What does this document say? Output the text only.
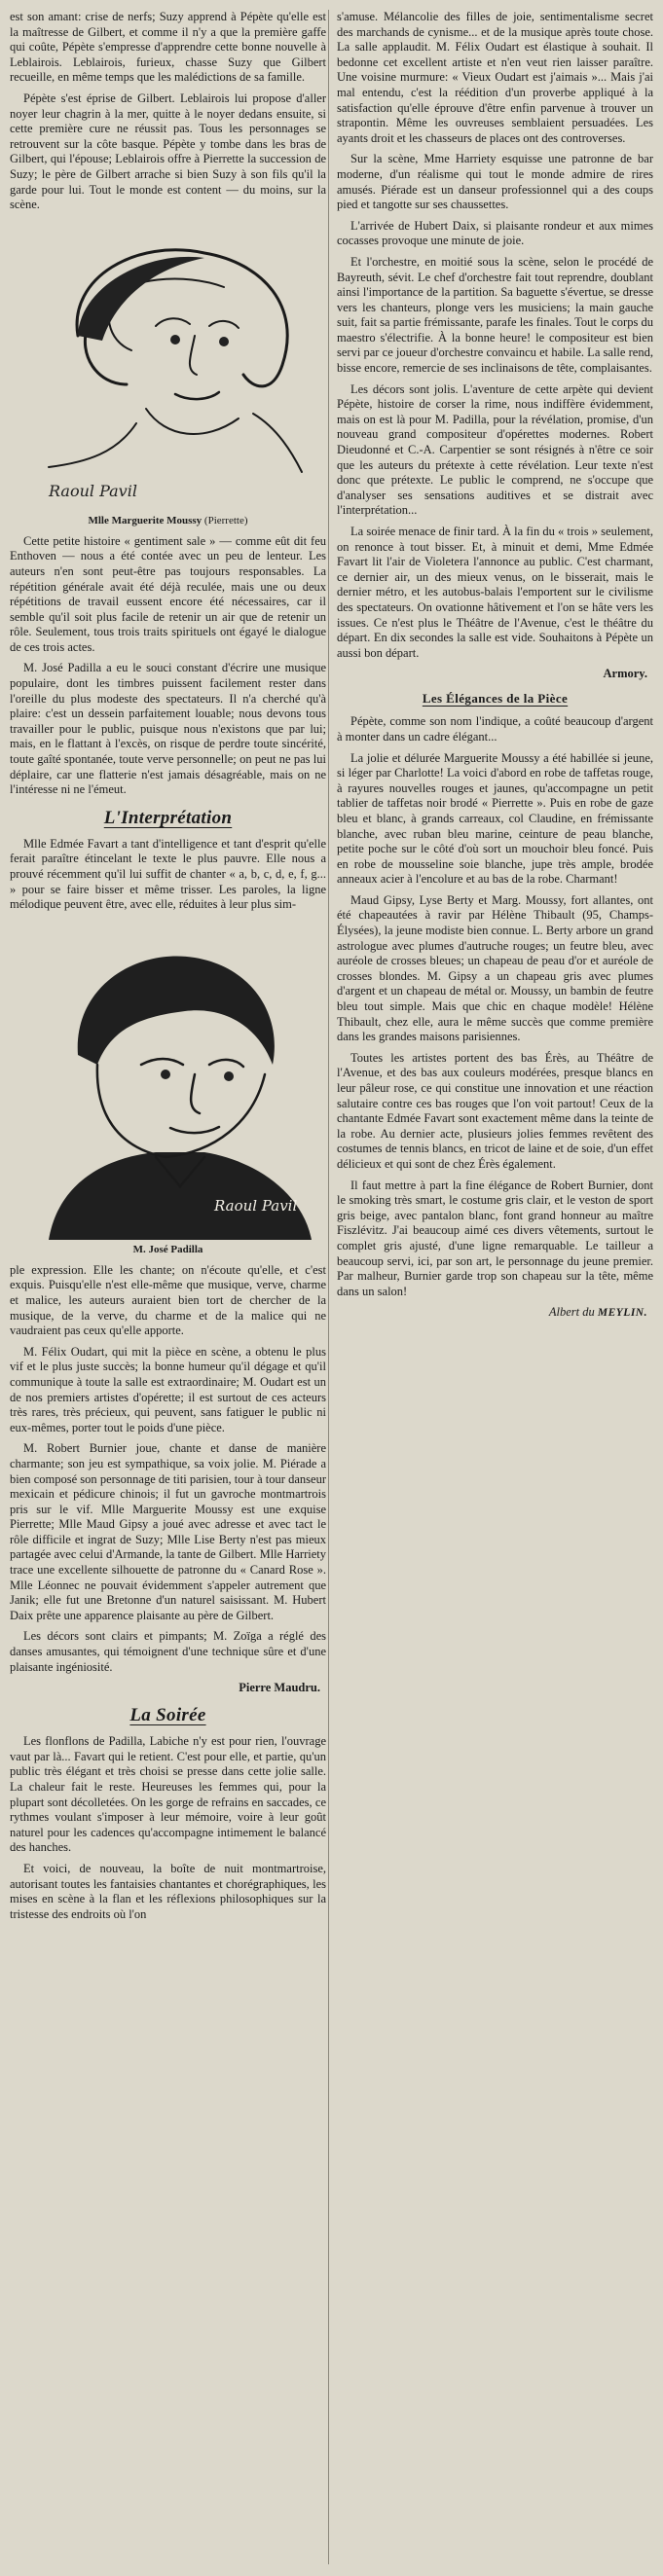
est son amant: crise de nerfs; Suzy apprend à Pépète qu'elle est la maîtresse de Gilbert, et comme il n'y a que la première gaffe qui coûte, Pépète s'empresse d'apprendre cette bonne nouvelle à Leblairois. Leblairois, furieux, chasse Suzy que Gilbert recueille, en même temps que les malédictions de sa famille.

Pépète s'est éprise de Gilbert. Leblairois lui propose d'aller noyer leur chagrin à la mer, quitte à le noyer dedans ensuite, si cette première cure ne réussit pas. Tous les personnages se retrouvent sur la côte basque. Pépète y tombe dans les bras de Gilbert, qui l'épouse; Leblairois offre à Pierrette la succession de Suzy; le père de Gilbert arrache si bien Suzy à son fils qu'il la garde pour lui. Tout le monde est content — du moins, sur la scène.

Raoul Pavil
Mlle Marguerite Moussy (Pierrette)

Cette petite histoire « gentiment sale » — comme eût dit feu Enthoven — nous a été contée avec un peu de lenteur. Les auteurs n'en sont peut-être pas toujours responsables. La répétition générale avait été déjà reculée, mais une ou deux répétitions de travail eussent encore été nécessaires, car il semble qu'il soit plus facile de retenir un air que de retenir un rôle. Seulement, tous trois traits spirituels ont égayé le dialogue de ces trois actes.

M. José Padilla a eu le souci constant d'écrire une musique populaire, dont les timbres puissent facilement rester dans l'oreille du plus modeste des spectateurs. Il n'a cherché qu'à plaire: c'est un dessein parfaitement louable; nous devons tous travailler pour le public, puisque nous n'existons que par lui; mais, en le flattant à l'excès, on risque de perdre toute sincérité, toute gaîté spontanée, toute verve personnelle; on peut ne pas lui déplaire, car une flatterie n'est jamais désagréable, mais on ne l'intéresse ni ne l'émeut.

L'Interprétation

Mlle Edmée Favart a tant d'intelligence et tant d'esprit qu'elle ferait paraître étincelant le texte le plus pauvre. Elle nous a prouvé récemment qu'il lui suffit de chanter « a, b, c, d, e, f, g... » pour se faire bisser et même trisser. Les paroles, la ligne mélodique peuvent être, avec elle, réduites à leur plus sim-

Raoul Pavil
M. José Padilla

ple expression. Elle les chante; on n'écoute qu'elle, et c'est exquis. Puisqu'elle n'est elle-même que musique, verve, charme et malice, les auteurs auraient bien tort de chercher de la musique, de la verve, du charme et de la malice qui ne vaudraient pas ceux qu'elle apporte.

M. Félix Oudart, qui mit la pièce en scène, a obtenu le plus vif et le plus juste succès; la bonne humeur qu'il dégage et qu'il communique à toute la salle est extraordinaire; M. Oudart est un de nos premiers artistes d'opérette; il est surtout de ces acteurs très rares, très précieux, qui peuvent, sans fatiguer le public ni eux-mêmes, porter tout le poids d'une pièce.

M. Robert Burnier joue, chante et danse de manière charmante; son jeu est sympathique, sa voix jolie. M. Piérade a bien composé son personnage de titi parisien, tour à tour danseur mexicain et pédicure chinois; il fut un gavroche montmartrois pris sur le vif. Mlle Marguerite Moussy est une exquise Pierrette; Mlle Maud Gipsy a joué avec adresse et avec tact le rôle difficile et ingrat de Suzy; Mlle Lise Berty n'est pas mieux partagée avec celui d'Armande, la tante de Gilbert. Mlle Harriety trace une excellente silhouette de patronne du « Canard Rose ». Mlle Léonnec ne pouvait évidemment s'appeler autrement que Janik; elle fut une Bretonne d'un naturel saisissant. M. Hubert Daix prête une apparence plaisante au père de Gilbert.

Les décors sont clairs et pimpants; M. Zoïga a réglé des danses amusantes, qui témoignent d'une technique sûre et d'une plaisante ingéniosité.

Pierre Maudru.
La Soirée

Les flonflons de Padilla, Labiche n'y est pour rien, l'ouvrage vaut par là... Favart qui le retient. C'est pour elle, et partie, qu'un public très élégant et très choisi se presse dans cette jolie salle. La chaleur fait le reste. Heureuses les femmes qui, pour la plupart sont décolletées. On les gorge de refrains en saccades, ce rythmes voulant s'imposer à leur mémoire, voire à leur goût naturel pour les cadences qu'accompagne intimement le balancé des hanches.

Et voici, de nouveau, la boîte de nuit montmartroise, autorisant toutes les fantaisies chantantes et chorégraphiques, les mises en scène à la flan et les réflexions philosophiques sur la tristesse des endroits où l'on

s'amuse. Mélancolie des filles de joie, sentimentalisme secret des marchands de cynisme... et de la musique après toute chose. La salle applaudit. M. Félix Oudart est élastique à souhait. Il bedonne cet excellent artiste et n'en veut rien laisser paraître. Une voisine murmure: « Vieux Oudart est j'aimais »... Mais j'ai mal entendu, c'est la réédition d'un proverbe appliqué à la satisfaction qu'elle éprouve d'être enfin parvenue à trouver un strapontin. Même les ouvreuses semblaient persuadées. Les ayants droit et les chasseurs de places ont des controverses.

Sur la scène, Mme Harriety esquisse une patronne de bar moderne, d'un réalisme qui tout le monde admire de rires amusés. Piérade est un danseur professionnel qui a des coups pied et tangotte sur ses chaussettes.

L'arrivée de Hubert Daix, si plaisante rondeur et aux mimes cocasses provoque une minute de joie.

Et l'orchestre, en moitié sous la scène, selon le procédé de Bayreuth, sévit. Le chef d'orchestre fait tout reprendre, doublant ainsi l'importance de la partition. Sa baguette s'évertue, se dresse vers les chanteurs, plonge vers les musiciens; la main gauche suit, fait sa partie frémissante, parafe les finales. Tout le corps du maestro s'électrifie. À la bonne heure! le compositeur est bien servi par ce joueur d'orchestre convaincu et habile. La salle rend, bisse encore, remercie de ses inclinaisons de tête, complaisantes.

Les décors sont jolis. L'aventure de cette arpète qui devient Pépète, histoire de corser la rime, nous indiffère évidemment, mais on est là pour M. Padilla, pour la révélation, promise, d'un nouveau grand compositeur d'opérettes modernes. Robert Dieudonné et C.-A. Carpentier se sont résignés à n'être ce soir que les auteurs du prétexte à cette révélation. Leur texte n'est donc que prétexte. Le public le comprend, ne s'occupe que d'analyser ses sensations auditives et se distrait avec l'interprétation...

La soirée menace de finir tard. À la fin du « trois » seulement, on renonce à tout bisser. Et, à minuit et demi, Mme Edmée Favart lit l'air de Violetera l'annonce au public. C'est charmant, ce dernier air, un des mieux venus, on le bisserait, mais le dernier métro, et les autobus-balais l'emportent sur le civilisme des spectateurs. On ovationne hâtivement et l'on se hâte vers les issues. Ce n'est plus le Théâtre de l'Avenue, c'est le théâtre du départ. En dix secondes la salle est vide. Souhaitons à Pépète un aussi bon départ.

Armory.
Les Élégances de la Pièce

Pépète, comme son nom l'indique, a coûté beaucoup d'argent à monter dans un cadre élégant...

La jolie et délurée Marguerite Moussy a été habillée si jeune, si léger par Charlotte! La voici d'abord en robe de taffetas rouge, à rayures nouvelles rouges et jaunes, qu'accompagne un petit tablier de taffetas noir brodé « Pierrette ». Puis en robe de gaze bleu et blanc, à grands carreaux, col Claudine, en frémissante blanche, avec ruban bleu marine, ceinture de peau blanche, petite poche sur le côté d'où sort un mouchoir bleu foncé. Puis en robe de mousseline soie blanche, jupe très ample, brodée anneaux acier à l'encolure et au bas de la robe. Charmant!

Maud Gipsy, Lyse Berty et Marg. Moussy, fort allantes, ont été chapeautées à ravir par Hélène Thibault (95, Champs-Élysées), la jeune modiste bien connue. L. Berty arbore un grand astrologue avec plumes d'autruche rouges; un feutre bleu, avec auréole de crosses bleues; un chapeau de peau d'or et auréole de crosses blondes. M. Gipsy a un chapeau gris avec plumes d'argent et un chapeau de métal or. Moussy, un bambin de feutre bleu tout simple. Mais que chic en chaque modèle! Hélène Thibault, chez elle, aura le même succès que comme première dans les grandes maisons parisiennes.

Toutes les artistes portent des bas Érès, au Théâtre de l'Avenue, et des bas aux couleurs modérées, presque blancs en leur pâleur rose, ce qui constitue une innovation et une réaction salutaire contre ces bas rouges que l'on voit partout! Ceux de la chantante Edmée Favart sont exactement même dans la teinte de la robe. Au dernier acte, plusieurs jolies femmes revêtent des costumes de tennis blancs, en tricot de laine et de soie, d'un effet délicieux et qui sont de chez Érès également.

Il faut mettre à part la fine élégance de Robert Burnier, dont le smoking très smart, le costume gris clair, et le veston de sport gris beige, avec pantalon blanc, font grand honneur au maître Fiszlévitz. J'ai beaucoup aimé ces divers vêtements, surtout le complet gris ajusté, d'une ligne remarquable. Le tailleur a beaucoup servi, ici, par son art, le personnage du jeune premier. Par malheur, Burnier garde trop son chapeau sur la tête, même dans un salon!

Albert du MEYLIN.
